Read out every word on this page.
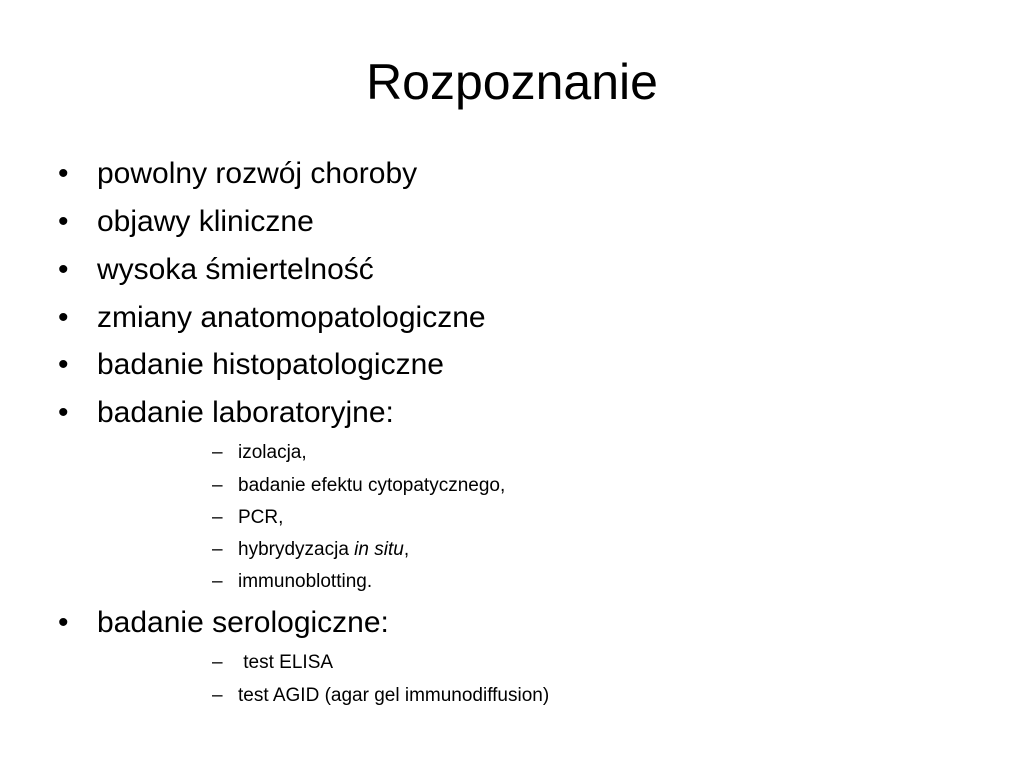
Rozpoznanie
• powolny rozwój choroby
• objawy kliniczne
• wysoka śmiertelność
• zmiany anatomopatologiczne
• badanie histopatologiczne
• badanie laboratoryjne:
– izolacja,
– badanie efektu cytopatycznego,
– PCR,
– hybrydyzacja in situ,
– immunoblotting.
• badanie serologiczne:
– test ELISA
– test AGID (agar gel immunodiffusion)
